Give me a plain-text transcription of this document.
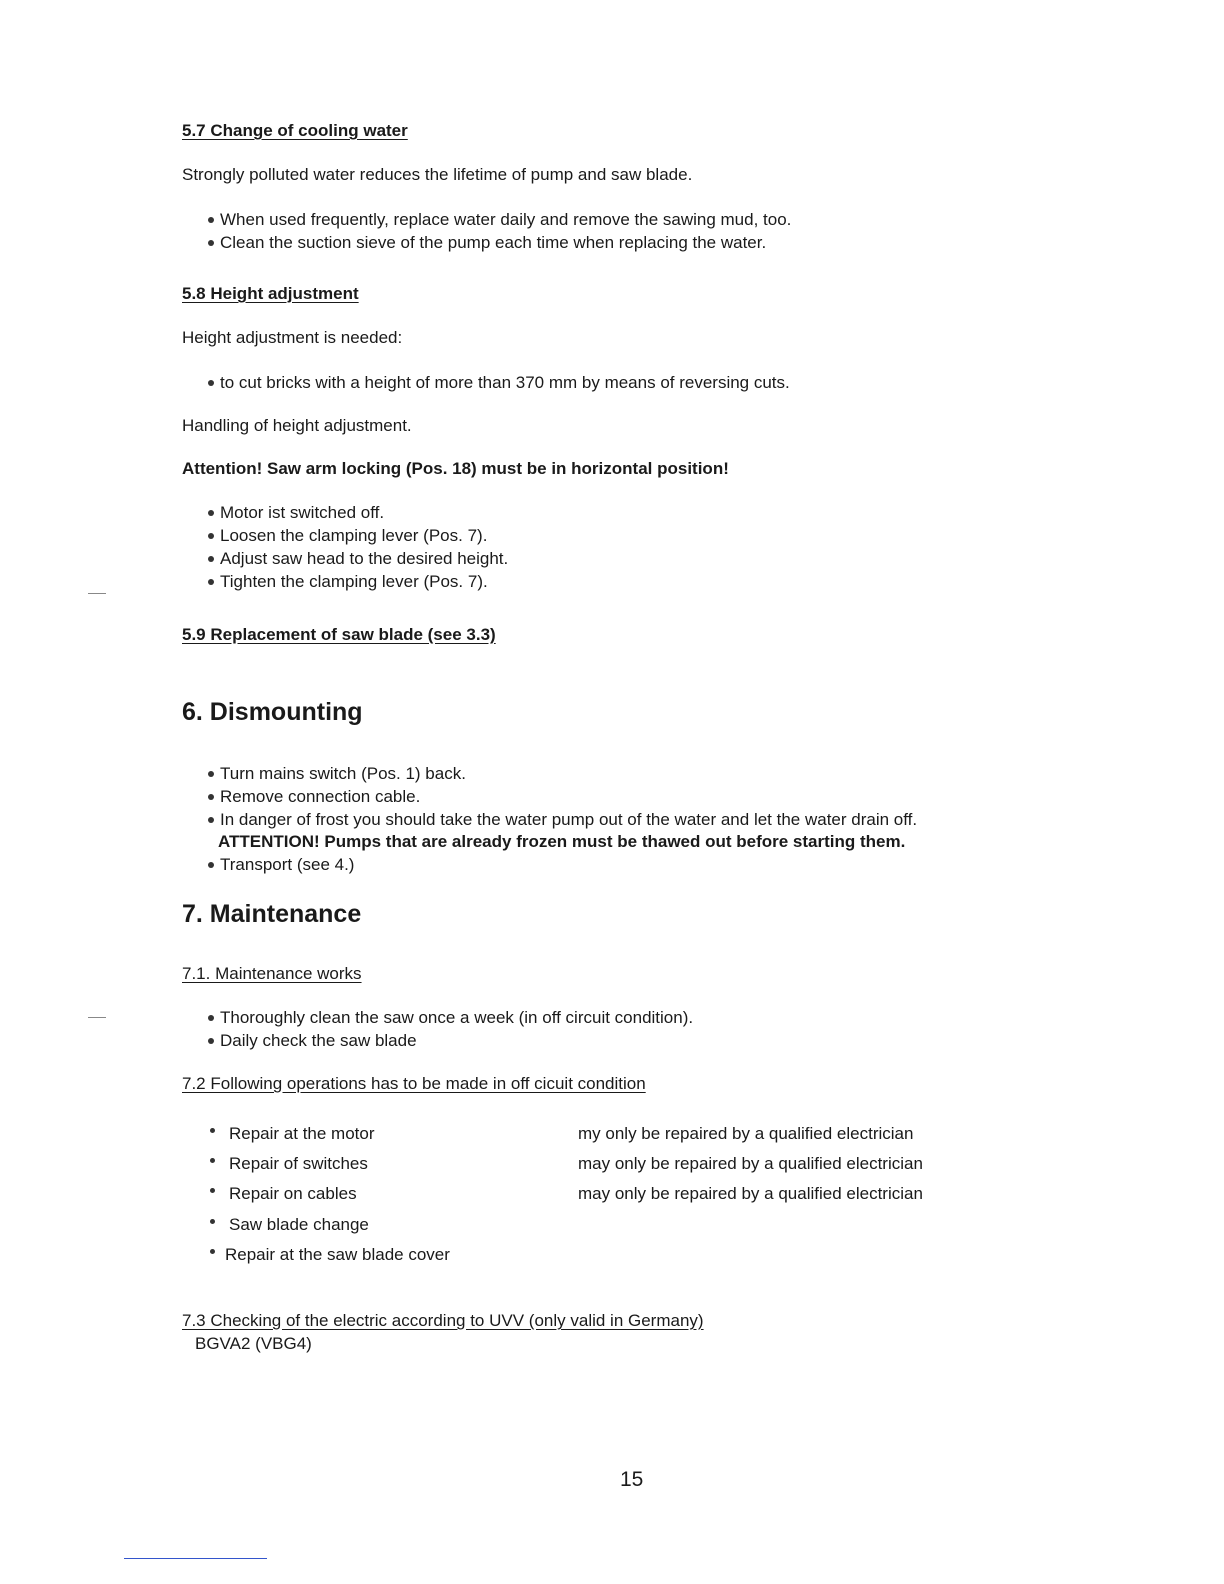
5.7 Change of cooling water
Strongly polluted water reduces the lifetime of pump and saw blade.
When used frequently, replace water daily and remove the sawing mud, too.
Clean the suction sieve of the pump each time when replacing the water.
5.8 Height adjustment
Height adjustment is needed:
to cut bricks with a height of more than 370 mm by means of reversing cuts.
Handling of height adjustment.
Attention! Saw arm locking (Pos. 18) must be in horizontal position!
Motor ist switched off.
Loosen the clamping lever (Pos. 7).
Adjust saw head to the desired height.
Tighten the clamping lever (Pos. 7).
5.9 Replacement of saw blade (see 3.3)
6. Dismounting
Turn mains switch (Pos. 1) back.
Remove connection cable.
In danger of frost you should take the water pump out of the water and let the water drain off.
ATTENTION! Pumps that are already frozen must be thawed out before starting them.
Transport (see 4.)
7. Maintenance
7.1. Maintenance works
Thoroughly clean the saw once a week (in off circuit condition).
Daily check the saw blade
7.2 Following operations has to be made in off cicuit condition
Repair at the motor	my only be repaired by a qualified electrician
Repair of switches	may only be repaired by a qualified electrician
Repair on cables	may only be repaired by a qualified electrician
Saw blade change
Repair at the saw blade cover
7.3 Checking of the electric according to UVV (only valid in Germany)
BGVA2 (VBG4)
15
